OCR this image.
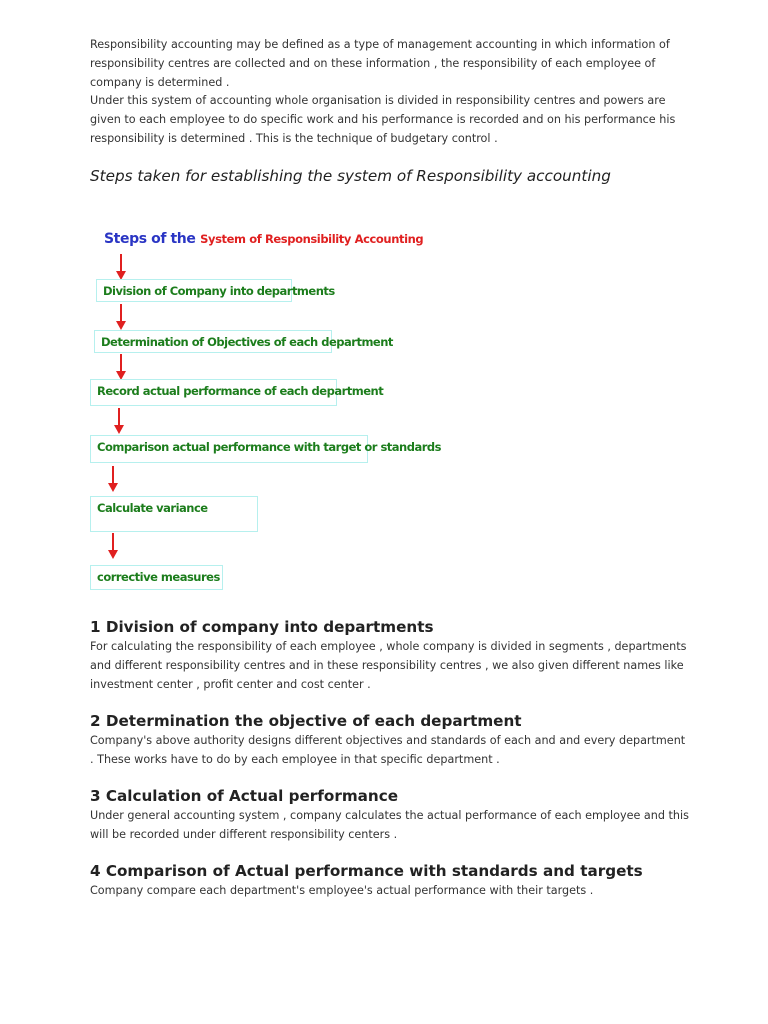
Responsibility accounting may be defined as a type of management accounting in which information of responsibility centres are collected and on these information , the responsibility of each employee of company is determined .

Under this system of accounting whole organisation is divided in responsibility centres and powers are given to each employee to do specific work and his performance is recorded and on his performance his responsibility is determined . This is the technique of budgetary control .

Steps taken for establishing the system of Responsibility accounting

Steps of the System of Responsibility Accounting
Division of Company into departments
Determination of Objectives of each department
Record actual performance of each department
Comparison actual performance with target or standards
Calculate variance
corrective measures
1 Division of company into departments

For calculating the responsibility of each employee , whole company is divided in segments , departments and different responsibility centres and in these responsibility centres , we also given different names like investment center , profit center and cost center .

2 Determination the objective of each department

Company's above authority designs different objectives and standards of each and and every department . These works have to do by each employee in that specific department .

3 Calculation of Actual performance

Under general accounting system , company calculates the actual performance of each employee and this will be recorded under different responsibility centers .

4 Comparison of Actual performance with standards and targets

Company compare each department's employee's actual performance with their targets .
